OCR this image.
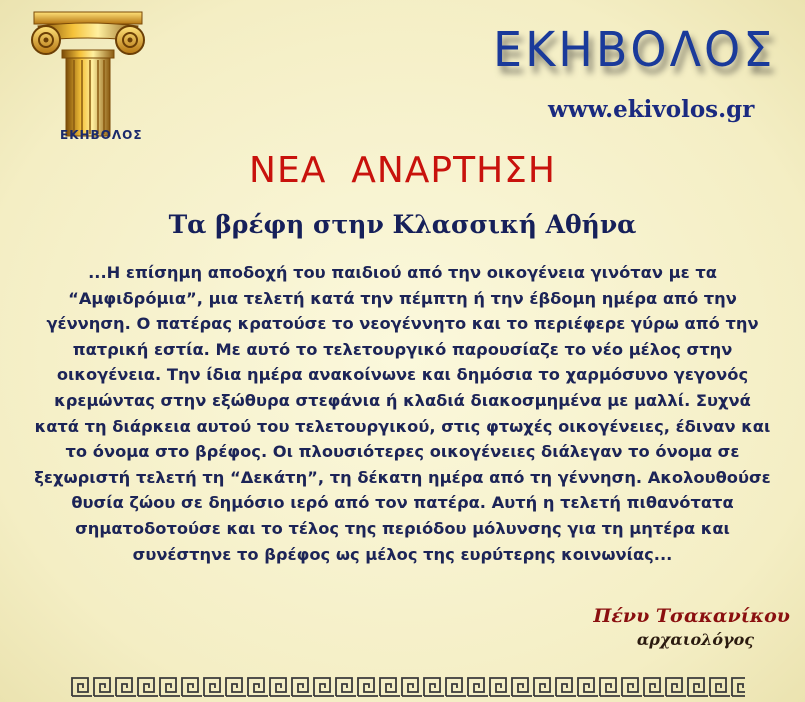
ΕΚΗΒΟΛΟΣ
ΕΚΗΒΟΛΟΣ
www.ekivolos.gr
ΝΕΑ  ΑΝΑΡΤΗΣΗ
Τα βρέφη στην Κλασσική Αθήνα
...Η επίσημη αποδοχή του παιδιού από την οικογένεια γινόταν με τα
“Αμφιδρόμια”, μια τελετή κατά την πέμπτη ή την έβδομη ημέρα από την
γέννηση. Ο πατέρας κρατούσε το νεογέννητο και το περιέφερε γύρω από την
πατρική εστία. Με αυτό το τελετουργικό παρουσίαζε το νέο μέλος στην
οικογένεια. Την ίδια ημέρα ανακοίνωνε και δημόσια το χαρμόσυνο γεγονός
κρεμώντας στην εξώθυρα στεφάνια ή κλαδιά διακοσμημένα με μαλλί. Συχνά
κατά τη διάρκεια αυτού του τελετουργικού, στις φτωχές οικογένειες, έδιναν και
το όνομα στο βρέφος. Οι πλουσιότερες οικογένειες διάλεγαν το όνομα σε
ξεχωριστή τελετή τη “Δεκάτη”, τη δέκατη ημέρα από τη γέννηση. Ακολουθούσε
θυσία ζώου σε δημόσιο ιερό από τον πατέρα. Αυτή η τελετή πιθανότατα
σηματοδοτούσε και το τέλος της περιόδου μόλυνσης για τη μητέρα και
συνέστηνε το βρέφος ως μέλος της ευρύτερης κοινωνίας...
Πένυ Τσακανίκου
αρχαιολόγος
